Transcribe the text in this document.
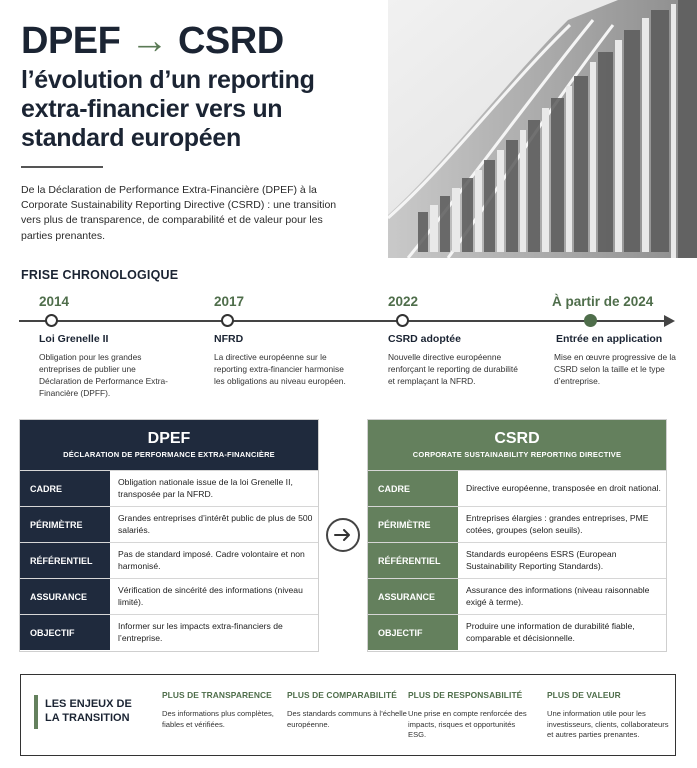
DPEF → CSRD
l’évolution d’un reporting extra-financier vers un standard européen
De la Déclaration de Performance Extra-Financière (DPEF) à la Corporate Sustainability Reporting Directive (CSRD) : une transition vers plus de transparence, de comparabilité et de valeur pour les parties prenantes.
FRISE CHRONOLOGIQUE
2014
Loi Grenelle II
Obligation pour les grandes entreprises de publier une Déclaration de Performance Extra-Financière (DPFF).
2017
NFRD
La directive européenne sur le reporting extra-financier harmonise les obligations au niveau européen.
2022
CSRD adoptée
Nouvelle directive européenne renforçant le reporting de durabilité et remplaçant la NFRD.
À partir de 2024
Entrée en application
Mise en œuvre progressive de la CSRD selon la taille et le type d’entreprise.
DPEF
DÉCLARATION DE PERFORMANCE EXTRA-FINANCIÈRE
CADRE
Obligation nationale issue de la loi Grenelle II, transposée par la NFRD.
PÉRIMÈTRE
Grandes entreprises d’intérêt public de plus de 500 salariés.
RÉFÉRENTIEL
Pas de standard imposé. Cadre volontaire et non harmonisé.
ASSURANCE
Vérification de sincérité des informations (niveau limité).
OBJECTIF
Informer sur les impacts extra-financiers de l’entreprise.
CSRD
CORPORATE SUSTAINABILITY REPORTING DIRECTIVE
CADRE	Directive européenne, transposée en droit national.
PÉRIMÈTRE
Entreprises élargies : grandes entreprises, PME cotées, groupes (selon seuils).
RÉFÉRENTIEL
Standards européens ESRS (European Sustainability Reporting Standards).
ASSURANCE
Assurance des informations (niveau raisonnable exigé à terme).
OBJECTIF
Produire une information de durabilité fiable, comparable et décisionnelle.
LES ENJEUX DE LA TRANSITION
PLUS DE TRANSPARENCE
Des informations plus complètes, fiables et vérifiées.
PLUS DE COMPARABILITÉ
Des standards communs à l’échelle européenne.
PLUS DE RESPONSABILITÉ
Une prise en compte renforcée des impacts, risques et opportunités ESG.
PLUS DE VALEUR
Une information utile pour les investisseurs, clients, collaborateurs et autres parties prenantes.
